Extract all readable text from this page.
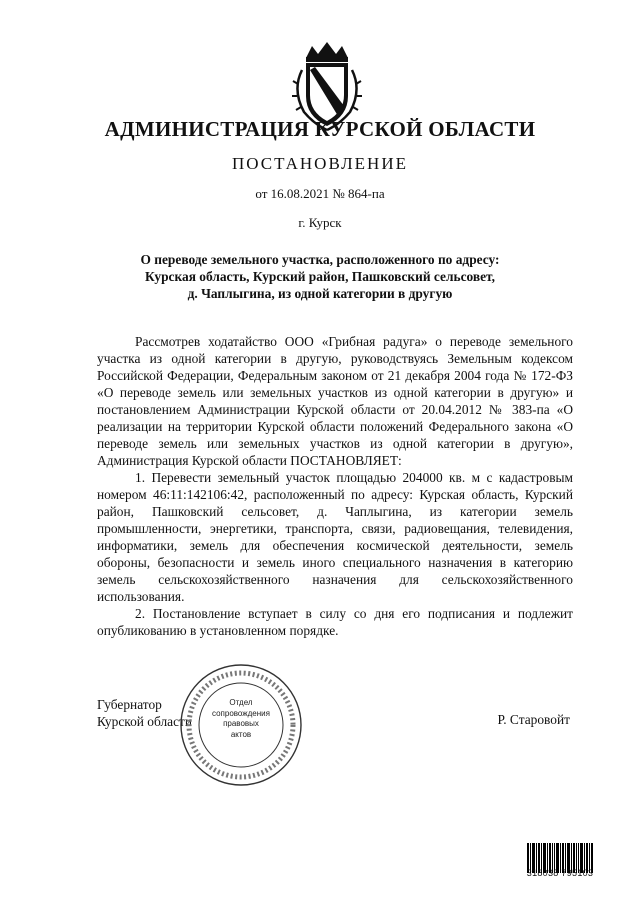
АДМИНИСТРАЦИЯ КУРСКОЙ ОБЛАСТИ
ПОСТАНОВЛЕНИЕ
от 16.08.2021 № 864-па
г. Курск
О переводе земельного участка, расположенного по адресу:
Курская область, Курский район, Пашковский сельсовет,
д. Чаплыгина, из одной категории в другую

Рассмотрев ходатайство ООО «Грибная радуга» о переводе земельного участка из одной категории в другую, руководствуясь Земельным кодексом Российской Федерации, Федеральным законом от 21 декабря 2004 года № 172-ФЗ «О переводе земель или земельных участков из одной категории в другую» и постановлением Администрации Курской области от 20.04.2012 № 383-па «О реализации на территории Курской области положений Федерального закона «О переводе земель или земельных участков из одной категории в другую», Администрация Курской области ПОСТАНОВЛЯЕТ:

1. Перевести земельный участок площадью 204000 кв. м с кадастровым номером 46:11:142106:42, расположенный по адресу: Курская область, Курский район, Пашковский сельсовет, д. Чаплыгина, из категории земель промышленности, энергетики, транспорта, связи, радиовещания, телевидения, информатики, земель для обеспечения космической деятельности, земель обороны, безопасности и земель иного специального назначения в категорию земель сельскохозяйственного назначения для сельскохозяйственного использования.

2. Постановление вступает в силу со дня его подписания и подлежит опубликованию в установленном порядке.

Губернатор
Курской области	Р. Старовойт
Отдел
сопровождения
правовых
актов
318038 795103
